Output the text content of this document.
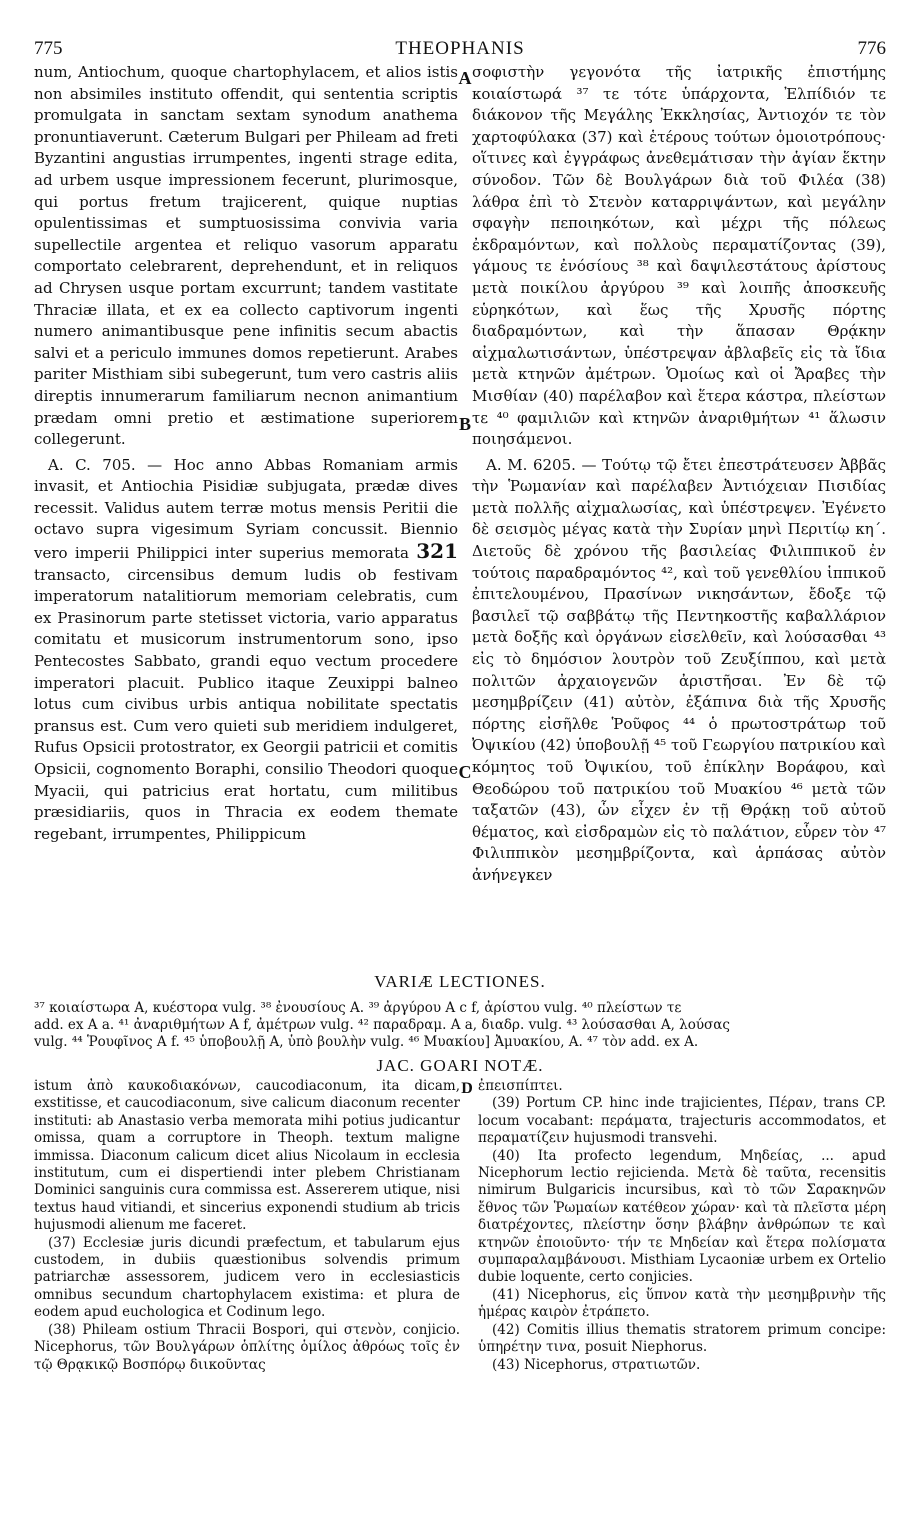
775	THEOPHANIS	776

num, Antiochum, quoque chartophylacem, et alios istis non absimiles instituto offendit, qui sententia scriptis promulgata in sanctam sextam synodum anathema pronuntiaverunt. Cæterum Bulgari per Phileam ad freti Byzantini angustias irrumpentes, ingenti strage edita, ad urbem usque impressionem fecerunt, plurimosque, qui portus fretum trajicerent, quique nuptias opulentissimas et sumptuosissima convivia varia supellectile argentea et reliquo vasorum apparatu comportato celebrarent, deprehendunt, et in reliquos ad Chrysen usque portam excurrunt; tandem vastitate Thraciæ illata, et ex ea collecto captivorum ingenti numero animantibusque pene infinitis secum abactis salvi et a periculo immunes domos repetierunt. Arabes pariter Misthiam sibi subegerunt, tum vero castris aliis direptis innumerarum familiarum necnon animantium prædam omni pretio et æstimatione superiorem collegerunt.

A. C. 705. — Hoc anno Abbas Romaniam armis invasit, et Antiochia Pisidiæ subjugata, prædæ dives recessit. Validus autem terræ motus mensis Peritii die octavo supra vigesimum Syriam concussit. Biennio vero imperii Philippici inter superius memorata 321 transacto, circensibus demum ludis ob festivam imperatorum natalitiorum memoriam celebratis, cum ex Prasinorum parte stetisset victoria, vario apparatus comitatu et musicorum instrumentorum sono, ipso Pentecostes Sabbato, grandi equo vectum procedere imperatori placuit. Publico itaque Zeuxippi balneo lotus cum civibus urbis antiqua nobilitate spectatis pransus est. Cum vero quieti sub meridiem indulgeret, Rufus Opsicii protostrator, ex Georgii patricii et comitis Opsicii, cognomento Boraphi, consilio Theodori quoque Myacii, qui patricius erat hortatu, cum militibus præsidiariis, quos in Thracia ex eodem themate regebant, irrumpentes, Philippicum

A
B
C

σοφιστὴν γεγονότα τῆς ἰατρικῆς ἐπιστήμης κοιαίστωρά ³⁷ τε τότε ὑπάρχοντα, Ἐλπίδιόν τε διάκονον τῆς Μεγάλης Ἐκκλησίας, Ἀντιοχόν τε τὸν χαρτοφύλακα (37) καὶ ἑτέρους τούτων ὁμοιοτρόπους· οἵτινες καὶ ἐγγράφως ἀνεθεμάτισαν τὴν ἁγίαν ἕκτην σύνοδον. Τῶν δὲ Βουλγάρων διὰ τοῦ Φιλέα (38) λάθρα ἐπὶ τὸ Στενὸν καταρριψάντων, καὶ μεγάλην σφαγὴν πεποιηκότων, καὶ μέχρι τῆς πόλεως ἐκδραμόντων, καὶ πολλοὺς περαματίζοντας (39), γάμους τε ἐνόσίους ³⁸ καὶ δαψιλεστάτους ἀρίστους μετὰ ποικίλου ἀργύρου ³⁹ καὶ λοιπῆς ἀποσκευῆς εὑρηκότων, καὶ ἕως τῆς Χρυσῆς πόρτης διαδραμόντων, καὶ τὴν ἅπασαν Θρᾴκην αἰχμαλωτισάντων, ὑπέστρεψαν ἀβλαβεῖς εἰς τὰ ἴδια μετὰ κτηνῶν ἀμέτρων. Ὁμοίως καὶ οἱ Ἄραβες τὴν Μισθίαν (40) παρέλαβον καὶ ἕτερα κάστρα, πλείστων τε ⁴⁰ φαμιλιῶν καὶ κτηνῶν ἀναριθμήτων ⁴¹ ἅλωσιν ποιησάμενοι.

A. M. 6205. — Τούτῳ τῷ ἔτει ἐπεστράτευσεν Ἀββᾶς τὴν Ῥωμανίαν καὶ παρέλαβεν Ἀντιόχειαν Πισιδίας μετὰ πολλῆς αἰχμαλωσίας, καὶ ὑπέστρεψεν. Ἐγένετο δὲ σεισμὸς μέγας κατὰ τὴν Συρίαν μηνὶ Περιτίῳ κη΄. Διετοῦς δὲ χρόνου τῆς βασιλείας Φιλιππικοῦ ἐν τούτοις παραδραμόντος ⁴², καὶ τοῦ γενεθλίου ἱππικοῦ ἐπιτελουμένου, Πρασίνων νικησάντων, ἔδοξε τῷ βασιλεῖ τῷ σαββάτῳ τῆς Πεντηκοστῆς καβαλλάριον μετὰ δοξῆς καὶ ὀργάνων εἰσελθεῖν, καὶ λούσασθαι ⁴³ εἰς τὸ δημόσιον λουτρὸν τοῦ Ζευξίππου, καὶ μετὰ πολιτῶν ἀρχαιογενῶν ἀριστῆσαι. Ἐν δὲ τῷ μεσημβρίζειν (41) αὐτὸν, ἐξάπινα διὰ τῆς Χρυσῆς πόρτης εἰσῆλθε Ῥοῦφος ⁴⁴ ὁ πρωτοστράτωρ τοῦ Ὀψικίου (42) ὑποβουλῇ ⁴⁵ τοῦ Γεωργίου πατρικίου καὶ κόμητος τοῦ Ὀψικίου, τοῦ ἐπίκλην Βοράφου, καὶ Θεοδώρου τοῦ πατρικίου τοῦ Μυακίου ⁴⁶ μετὰ τῶν ταξατῶν (43), ὧν εἶχεν ἐν τῇ Θρᾴκῃ τοῦ αὐτοῦ θέματος, καὶ εἰσδραμὼν εἰς τὸ παλάτιον, εὗρεν τὸν ⁴⁷ Φιλιππικὸν μεσημβρίζοντα, καὶ ἁρπάσας αὐτὸν ἀνήνεγκεν

VARIÆ LECTIONES.

³⁷ κοιαίστωρα A, κυέστορα vulg. ³⁸ ἐνουσίους A. ³⁹ ἀργύρου A c f, ἀρίστου vulg. ⁴⁰ πλείστων τε

add. ex A a. ⁴¹ ἀναριθμήτων A f, ἀμέτρων vulg. ⁴² παραδραμ. A a, διαδρ. vulg. ⁴³ λούσασθαι A, λούσας

vulg. ⁴⁴ Ῥουφῖνος A f. ⁴⁵ ὑποβουλῇ A, ὑπὸ βουλὴν vulg. ⁴⁶ Μυακίου] Ἀμυακίου, A. ⁴⁷ τὸν add. ex A.

JAC. GOARI NOTÆ.
D

istum ἀπὸ καυκοδιακόνων, caucodiaconum, ita dicam, exstitisse, et caucodiaconum, sive calicum diaconum recenter instituti: ab Anastasio verba memorata mihi potius judicantur omissa, quam a corruptore in Theoph. textum maligne immissa. Diaconum calicum dicet alius Nicolaum in ecclesia institutum, cum ei dispertiendi inter plebem Christianam Dominici sanguinis cura commissa est. Assererem utique, nisi textus haud vitiandi, et sincerius exponendi studium ab tricis hujusmodi alienum me faceret.

(37) Ecclesiæ juris dicundi præfectum, et tabularum ejus custodem, in dubiis quæstionibus solvendis primum patriarchæ assessorem, judicem vero in ecclesiasticis omnibus secundum chartophylacem existima: et plura de eodem apud euchologica et Codinum lego.

(38) Phileam ostium Thracii Bospori, qui στενὸν, conjicio. Nicephorus, τῶν Βουλγάρων ὁπλίτης ὁμίλος ἀθρόως τοῖς ἐν τῷ Θρᾳκικῷ Βοσπόρῳ διικοῦντας

ἐπεισπίπτει.

(39) Portum CP. hinc inde trajicientes, Πέραν, trans CP. locum vocabant: περάματα, trajecturis accommodatos, et περαματίζειν hujusmodi transvehi.

(40) Ita profecto legendum, Μηδείας, ... apud Nicephorum lectio rejicienda. Μετὰ δὲ ταῦτα, recensitis nimirum Bulgaricis incursibus, καὶ τὸ τῶν Σαρακηνῶν ἔθνος τῶν Ῥωμαίων κατέθεον χώραν· καὶ τὰ πλεῖστα μέρη διατρέχοντες, πλείστην ὅσην βλάβην ἀνθρώπων τε καὶ κτηνῶν ἐποιοῦντο· τήν τε Μηδείαν καὶ ἕτερα πολίσματα συμπαραλαμβάνουσι. Misthiam Lycaoniæ urbem ex Ortelio dubie loquente, certo conjicies.

(41) Nicephorus, εἰς ὕπνον κατὰ τὴν μεσημβρινὴν τῆς ἡμέρας καιρὸν ἐτράπετο.

(42) Comitis illius thematis stratorem primum concipe: ὑπηρέτην τινα, posuit Niephorus.

(43) Nicephorus, στρατιωτῶν.
